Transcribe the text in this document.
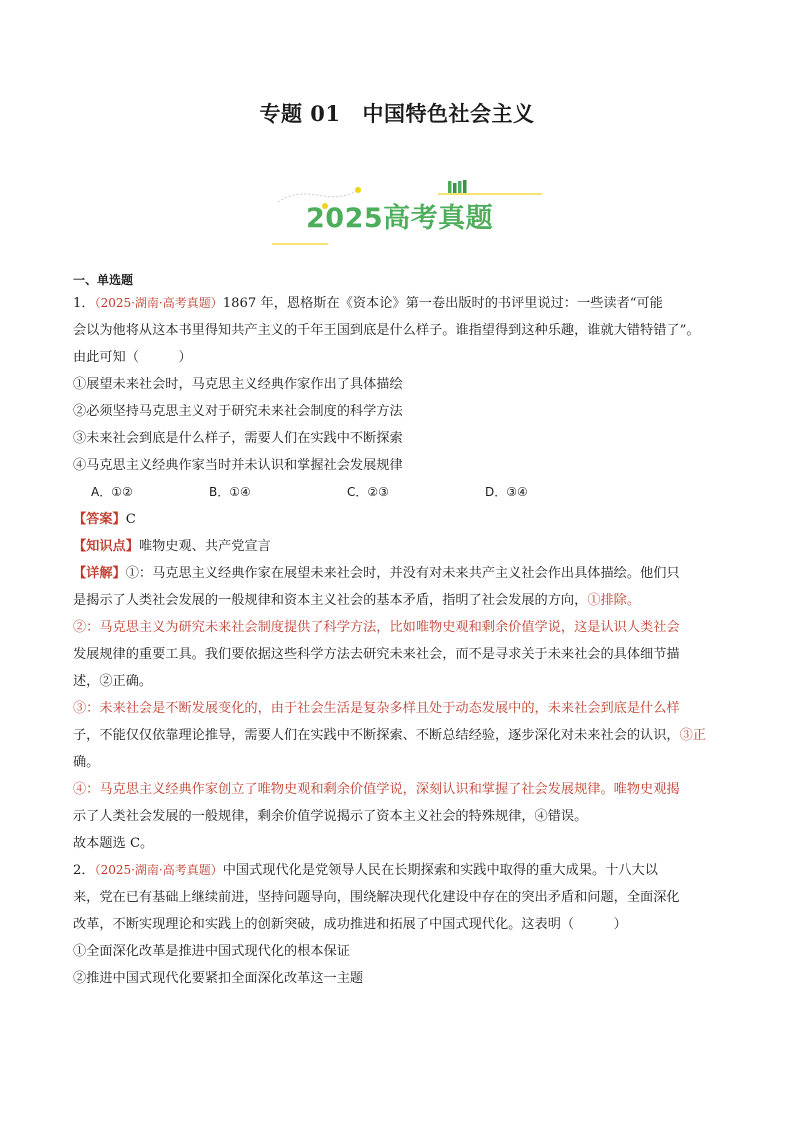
专题 01 中国特色社会主义
2025高考真题
一、单选题
1．（2025·湖南·高考真题）1867 年，恩格斯在《资本论》第一卷出版时的书评里说过：一些读者“可能
会以为他将从这本书里得知共产主义的千年王国到底是什么样子。谁指望得到这种乐趣，谁就大错特错了”。
由此可知（　　　）
①展望未来社会时，马克思主义经典作家作出了具体描绘
②必须坚持马克思主义对于研究未来社会制度的科学方法
③未来社会到底是什么样子，需要人们在实践中不断探索
④马克思主义经典作家当时并未认识和掌握社会发展规律
A．①②	B．①④	C．②③	D．③④
【答案】C
【知识点】唯物史观、共产党宣言
【详解】①：马克思主义经典作家在展望未来社会时，并没有对未来共产主义社会作出具体描绘。他们只
是揭示了人类社会发展的一般规律和资本主义社会的基本矛盾，指明了社会发展的方向，①排除。
②：马克思主义为研究未来社会制度提供了科学方法，比如唯物史观和剩余价值学说，这是认识人类社会
发展规律的重要工具。我们要依据这些科学方法去研究未来社会，而不是寻求关于未来社会的具体细节描
述，②正确。
③：未来社会是不断发展变化的，由于社会生活是复杂多样且处于动态发展中的，未来社会到底是什么样
子，不能仅仅依靠理论推导，需要人们在实践中不断探索、不断总结经验，逐步深化对未来社会的认识，③正
确。
④：马克思主义经典作家创立了唯物史观和剩余价值学说，深刻认识和掌握了社会发展规律。唯物史观揭
示了人类社会发展的一般规律，剩余价值学说揭示了资本主义社会的特殊规律，④错误。
故本题选 C。
2．（2025·湖南·高考真题）中国式现代化是党领导人民在长期探索和实践中取得的重大成果。十八大以
来，党在已有基础上继续前进，坚持问题导向，围绕解决现代化建设中存在的突出矛盾和问题，全面深化
改革，不断实现理论和实践上的创新突破，成功推进和拓展了中国式现代化。这表明（　　　）
①全面深化改革是推进中国式现代化的根本保证
②推进中国式现代化要紧扣全面深化改革这一主题
